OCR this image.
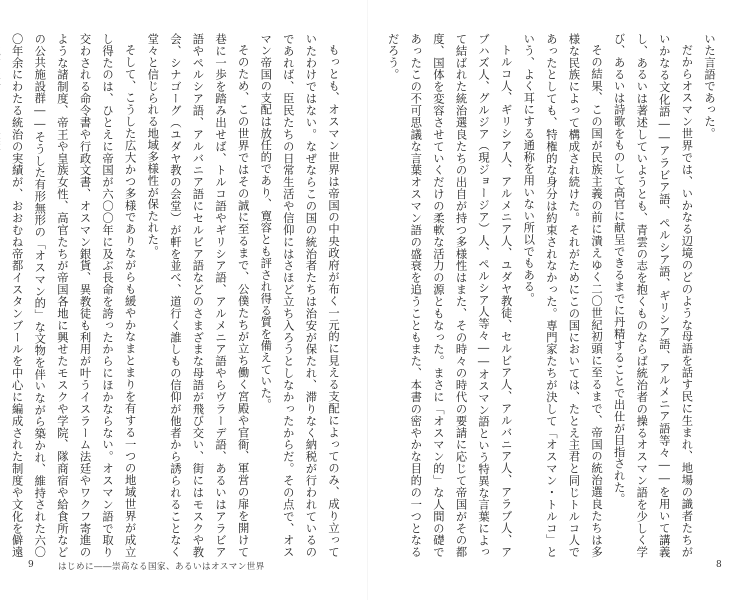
もっとも、オスマン世界は帝国の中央政府が布く一元的に見える支配によってのみ、成り立っていたわけではない。なぜならこの国の統治者たちは治安が保たれ、滞りなく納税が行われているのであれば、臣民たちの日常生活や信仰にはさほど立ち入ろうとしなかったからだ。その点で、オスマン帝国の支配は放任的であり、寛容とも評され得る質を備えていた。

そのため、この世界ではその誠に至るまで、公僕たちが立ち働く宮殿や官衙、軍営の扉を開けて巷に一歩を踏み出せば、トルコ語やギリシア語、アルメニア語やらヴラーデ語、あるいはアラビア語やペルシア語、アルバニア語にセルビア語などのさまざまな母語が飛び交い、街にはモスクや教会、シナゴーグ（ユダヤ教の会堂）が軒を並べ、道行く誰しもの信仰が他者から誘られることなく堂々と信じられる地域多様性が保たれた。

そして、こうした広大かつ多様でありながらも緩やかなまとまりを有する一つの地域世界が成立し得たのは、ひとえに帝国が六〇〇年に及ぶ長命を誇ったからにほかならない。オスマン語で取り交わされる命令書や行政文書、オスマン銀貨、異教徒も利用が叶うイスラーム法廷やワクフ寄進のような諸制度、帝王や皇族女性、高官たちが帝国各地に興せたモスクや学院、隊商宿や給食所などの公共施設群――そうした有形無形の「オスマン的」な文物を伴いながら築かれ、維持された六〇〇年余にわたる統治の実績が、おおむね帝都イスタンブールを中心に編成された制度や文化を僻遠

9	はじめに――崇高なる国家、あるいはオスマン世界

いた言語であった。

だからオスマン世界では、いかなる辺境のどのような母語を話す民に生まれ、地場の識者たちがいかなる文化語――アラビア語、ペルシア語、ギリシア語、アルメニア語等々――を用いて講義し、あるいは著述していようとも、青雲の志を抱くものならば統治者の操るオスマン語を少しく学び、あるいは詩歌をものして高官に献呈できるまでに丹精することで出仕が目指された。

その結果、この国が民族主義の前に潰えゆく二〇世紀初頭に至るまで、帝国の統治選良たちは多様な民族によって構成され続けた。それがためにこの国においては、たとえ主君と同じトルコ人であったとしても、特権的な身分は約束されなかった。専門家たちが決して「オスマン・トルコ」という、よく耳にする通称を用いない所以でもある。

トルコ人、ギリシア人、アルメニア人、ユダヤ教徒、セルビア人、アルバニア人、アラブ人、アブハズ人、グルジア（現ジョージア）人、ペルシア人等々――オスマン語という特異な言葉によって結ばれた統治選良たちの出自が持つ多様性はまた、その時々の時代の要請に応じて帝国がその都度、国体を変容させていくだけの柔軟な活力の源ともなった。まさに「オスマン的」な人間の礎であったこの不可思議な言葉オスマン語の盛衰を追うこともまた、本書の密やかな目的の一つとなるだろう。

8
